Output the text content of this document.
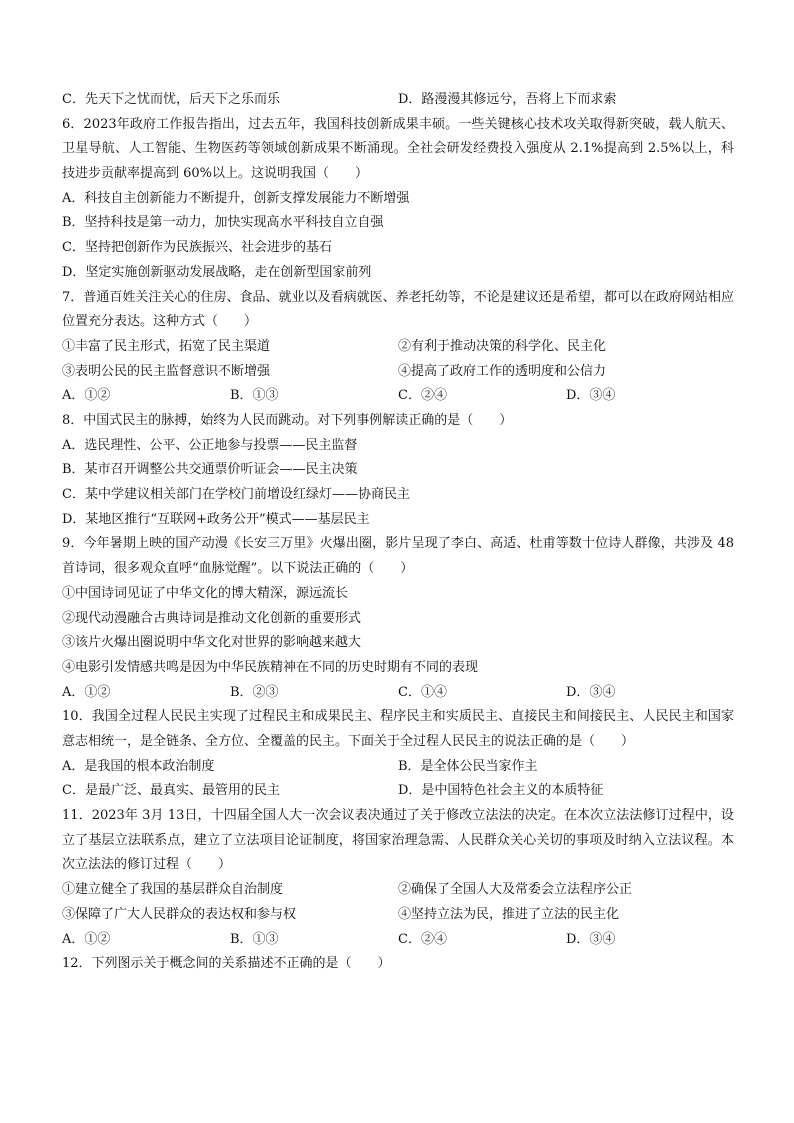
C．先天下之忧而忧，后天下之乐而乐	D．路漫漫其修远兮，吾将上下而求索
6．2023年政府工作报告指出，过去五年，我国科技创新成果丰硕。一些关键核心技术攻关取得新突破，载人航天、卫星导航、人工智能、生物医药等领域创新成果不断涌现。全社会研发经费投入强度从 2.1%提高到 2.5%以上，科技进步贡献率提高到 60%以上。这说明我国（　　）
A．科技自主创新能力不断提升，创新支撑发展能力不断增强
B．坚持科技是第一动力，加快实现高水平科技自立自强
C．坚持把创新作为民族振兴、社会进步的基石
D．坚定实施创新驱动发展战略，走在创新型国家前列
7．普通百姓关注关心的住房、食品、就业以及看病就医、养老托幼等，不论是建议还是希望，都可以在政府网站相应位置充分表达。这种方式（　　）
①丰富了民主形式，拓宽了民主渠道	②有利于推动决策的科学化、民主化
③表明公民的民主监督意识不断增强	④提高了政府工作的透明度和公信力
A．①②	B．①③	C．②④	D．③④
8．中国式民主的脉搏，始终为人民而跳动。对下列事例解读正确的是（　　）
A．选民理性、公平、公正地参与投票——民主监督
B．某市召开调整公共交通票价听证会——民主决策
C．某中学建议相关部门在学校门前增设红绿灯——协商民主
D．某地区推行“互联网+政务公开”模式——基层民主
9．今年暑期上映的国产动漫《长安三万里》火爆出圈，影片呈现了李白、高适、杜甫等数十位诗人群像，共涉及 48首诗词，很多观众直呼“血脉觉醒”。以下说法正确的（　　）
①中国诗词见证了中华文化的博大精深，源远流长
②现代动漫融合古典诗词是推动文化创新的重要形式
③该片火爆出圈说明中华文化对世界的影响越来越大
④电影引发情感共鸣是因为中华民族精神在不同的历史时期有不同的表现
A．①②	B．②③	C．①④	D．③④
10．我国全过程人民民主实现了过程民主和成果民主、程序民主和实质民主、直接民主和间接民主、人民民主和国家意志相统一，是全链条、全方位、全覆盖的民主。下面关于全过程人民民主的说法正确的是（　　）
A．是我国的根本政治制度	B．是全体公民当家作主
C．是最广泛、最真实、最管用的民主	D．是中国特色社会主义的本质特征
11．2023年 3月 13日，十四届全国人大一次会议表决通过了关于修改立法法的决定。在本次立法法修订过程中，设立了基层立法联系点，建立了立法项目论证制度，将国家治理急需、人民群众关心关切的事项及时纳入立法议程。本次立法法的修订过程（　　）
①建立健全了我国的基层群众自治制度	②确保了全国人大及常委会立法程序公正
③保障了广大人民群众的表达权和参与权	④坚持立法为民，推进了立法的民主化
A．①②	B．①③	C．②④	D．③④
12．下列图示关于概念间的关系描述不正确的是（　　）
